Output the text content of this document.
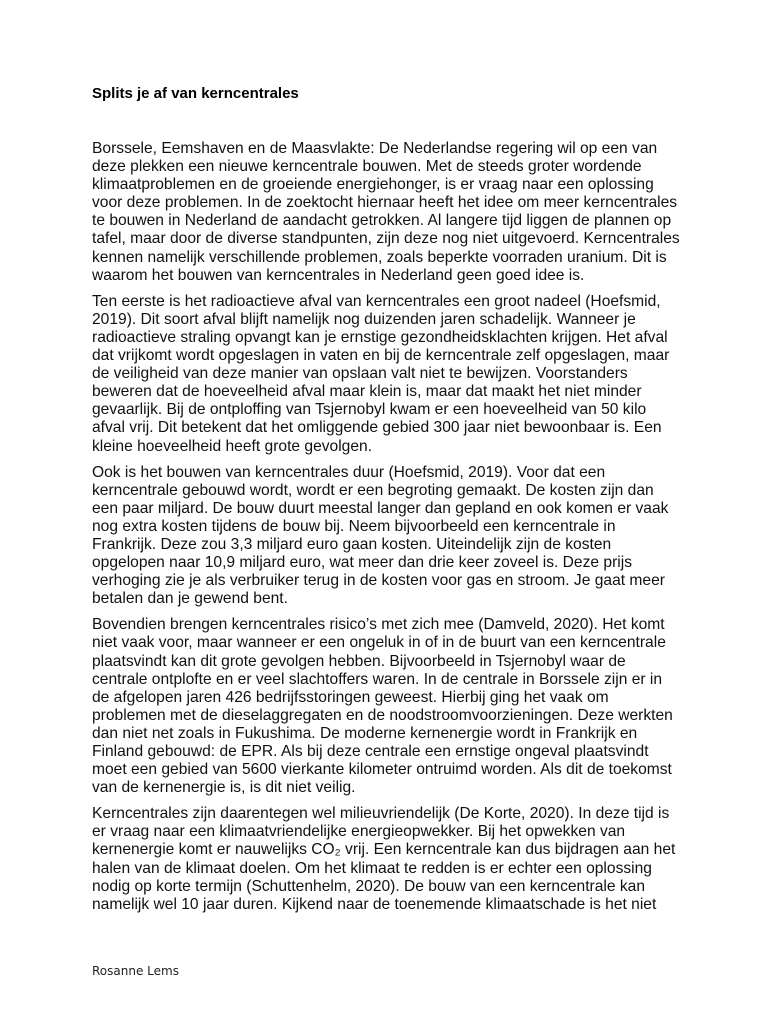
Splits je af van kerncentrales

Borssele, Eemshaven en de Maasvlakte: De Nederlandse regering wil op een van
deze plekken een nieuwe kerncentrale bouwen. Met de steeds groter wordende
klimaatproblemen en de groeiende energiehonger, is er vraag naar een oplossing
voor deze problemen. In de zoektocht hiernaar heeft het idee om meer kerncentrales
te bouwen in Nederland de aandacht getrokken. Al langere tijd liggen de plannen op
tafel, maar door de diverse standpunten, zijn deze nog niet uitgevoerd. Kerncentrales
kennen namelijk verschillende problemen, zoals beperkte voorraden uranium. Dit is
waarom het bouwen van kerncentrales in Nederland geen goed idee is.

Ten eerste is het radioactieve afval van kerncentrales een groot nadeel (Hoefsmid,
2019). Dit soort afval blijft namelijk nog duizenden jaren schadelijk. Wanneer je
radioactieve straling opvangt kan je ernstige gezondheidsklachten krijgen. Het afval
dat vrijkomt wordt opgeslagen in vaten en bij de kerncentrale zelf opgeslagen, maar
de veiligheid van deze manier van opslaan valt niet te bewijzen. Voorstanders
beweren dat de hoeveelheid afval maar klein is, maar dat maakt het niet minder
gevaarlijk. Bij de ontploffing van Tsjernobyl kwam er een hoeveelheid van 50 kilo
afval vrij. Dit betekent dat het omliggende gebied 300 jaar niet bewoonbaar is. Een
kleine hoeveelheid heeft grote gevolgen.

Ook is het bouwen van kerncentrales duur (Hoefsmid, 2019). Voor dat een
kerncentrale gebouwd wordt, wordt er een begroting gemaakt. De kosten zijn dan
een paar miljard. De bouw duurt meestal langer dan gepland en ook komen er vaak
nog extra kosten tijdens de bouw bij. Neem bijvoorbeeld een kerncentrale in
Frankrijk. Deze zou 3,3 miljard euro gaan kosten. Uiteindelijk zijn de kosten
opgelopen naar 10,9 miljard euro, wat meer dan drie keer zoveel is. Deze prijs
verhoging zie je als verbruiker terug in de kosten voor gas en stroom. Je gaat meer
betalen dan je gewend bent.

Bovendien brengen kerncentrales risico’s met zich mee (Damveld, 2020). Het komt
niet vaak voor, maar wanneer er een ongeluk in of in de buurt van een kerncentrale
plaatsvindt kan dit grote gevolgen hebben. Bijvoorbeeld in Tsjernobyl waar de
centrale ontplofte en er veel slachtoffers waren. In de centrale in Borssele zijn er in
de afgelopen jaren 426 bedrijfsstoringen geweest. Hierbij ging het vaak om
problemen met de dieselaggregaten en de noodstroomvoorzieningen. Deze werkten
dan niet net zoals in Fukushima. De moderne kernenergie wordt in Frankrijk en
Finland gebouwd: de EPR. Als bij deze centrale een ernstige ongeval plaatsvindt
moet een gebied van 5600 vierkante kilometer ontruimd worden. Als dit de toekomst
van de kernenergie is, is dit niet veilig.

Kerncentrales zijn daarentegen wel milieuvriendelijk (De Korte, 2020). In deze tijd is
er vraag naar een klimaatvriendelijke energieopwekker. Bij het opwekken van
kernenergie komt er nauwelijks CO₂ vrij. Een kerncentrale kan dus bijdragen aan het
halen van de klimaat doelen. Om het klimaat te redden is er echter een oplossing
nodig op korte termijn (Schuttenhelm, 2020). De bouw van een kerncentrale kan
namelijk wel 10 jaar duren. Kijkend naar de toenemende klimaatschade is het niet

Rosanne Lems
